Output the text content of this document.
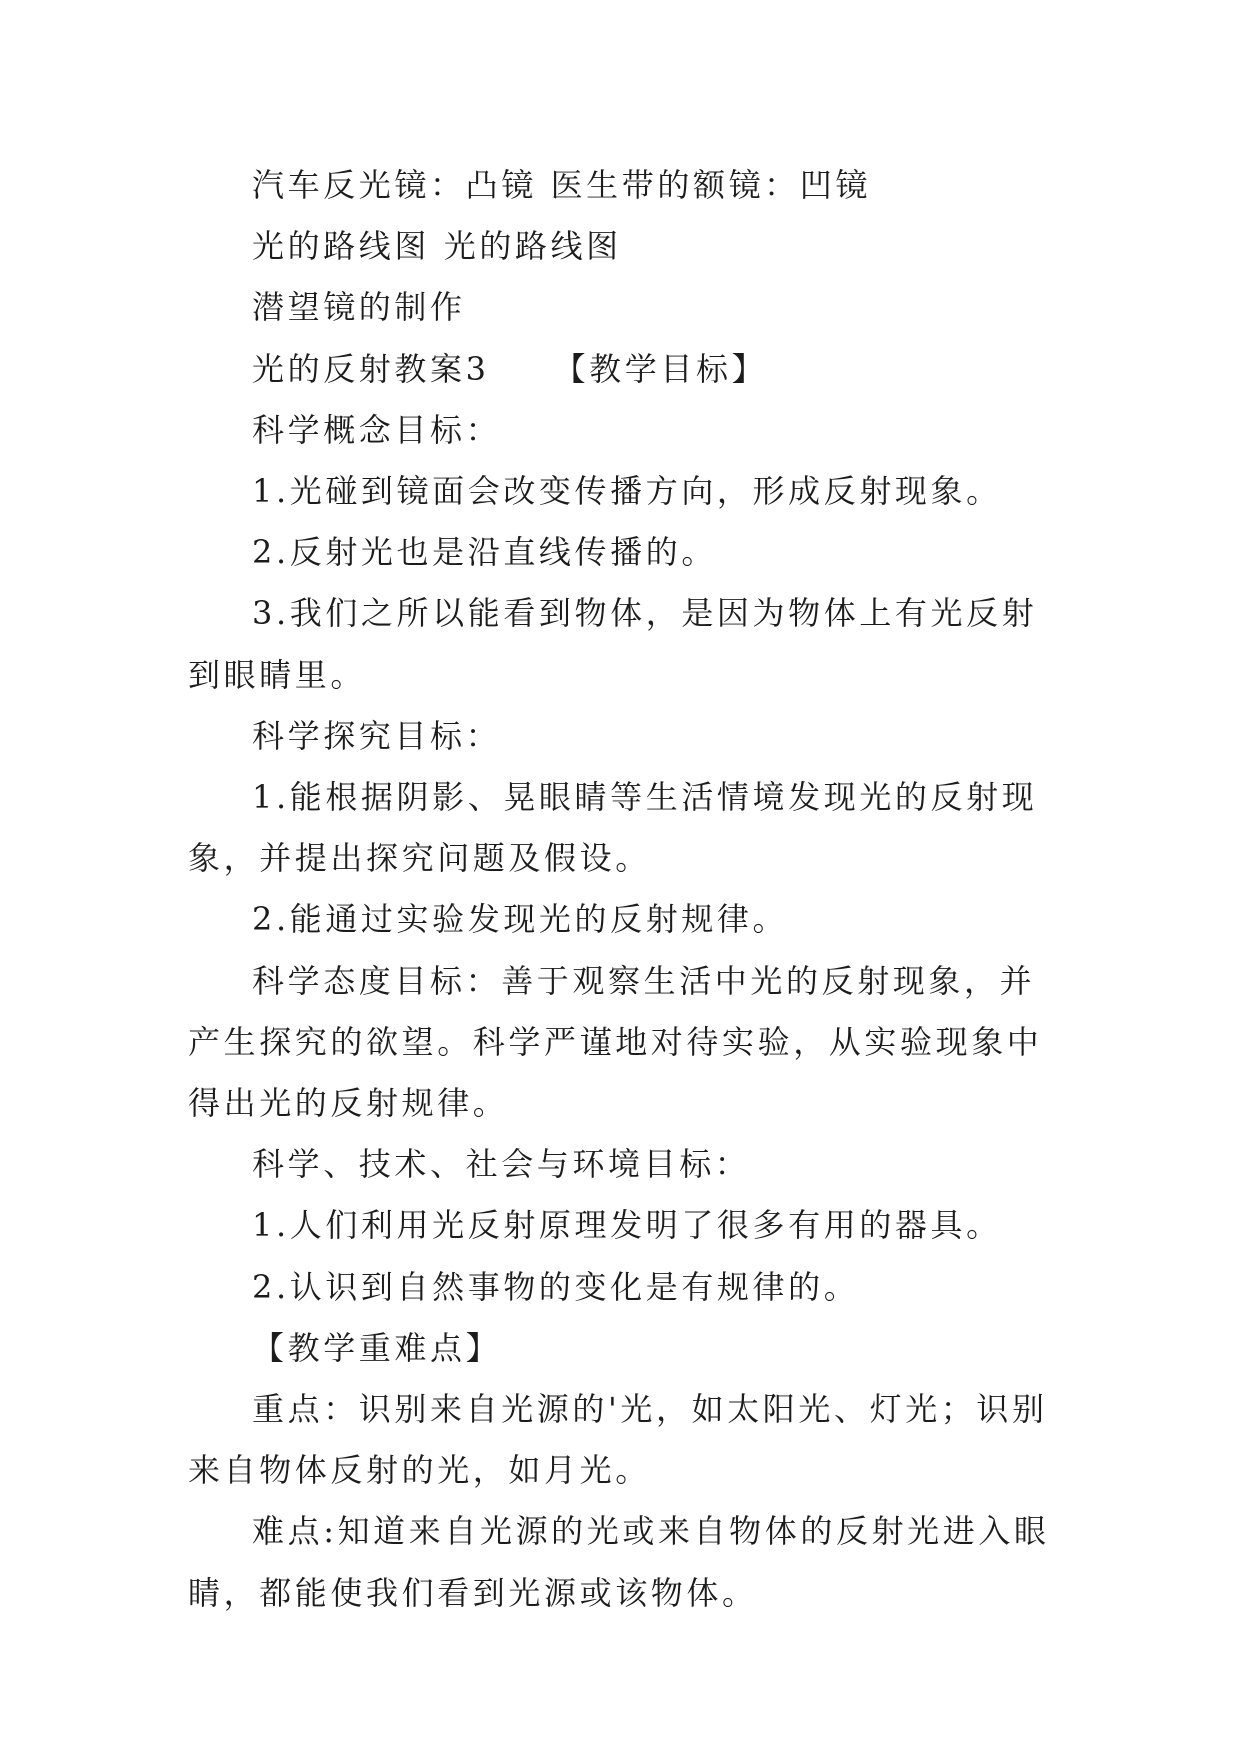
汽车反光镜：凸镜 医生带的额镜：凹镜

光的路线图 光的路线图

潜望镜的制作

光的反射教案3 【教学目标】

科学概念目标：

1.光碰到镜面会改变传播方向，形成反射现象。

2.反射光也是沿直线传播的。

3.我们之所以能看到物体，是因为物体上有光反射到眼睛里。

科学探究目标：

1.能根据阴影、晃眼睛等生活情境发现光的反射现象，并提出探究问题及假设。

2.能通过实验发现光的反射规律。

科学态度目标：善于观察生活中光的反射现象，并产生探究的欲望。科学严谨地对待实验，从实验现象中得出光的反射规律。

科学、技术、社会与环境目标：

1.人们利用光反射原理发明了很多有用的器具。

2.认识到自然事物的变化是有规律的。

【教学重难点】

重点：识别来自光源的'光，如太阳光、灯光；识别来自物体反射的光，如月光。

难点:知道来自光源的光或来自物体的反射光进入眼睛，都能使我们看到光源或该物体。
